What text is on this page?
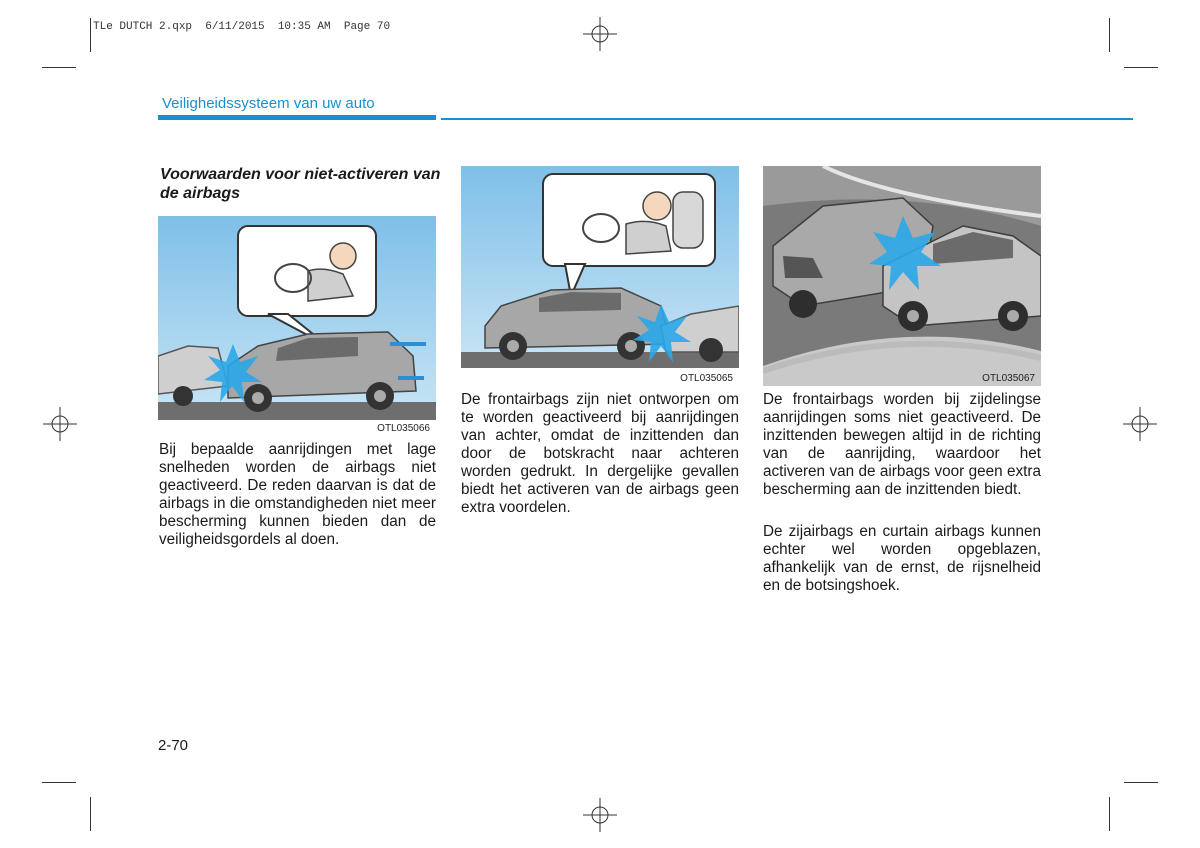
TLe DUTCH 2.qxp  6/11/2015  10:35 AM  Page 70
Veiligheidssysteem van uw auto
Voorwaarden voor niet-activeren van de airbags
OTL035066
OTL035065	OTL035067
Bij bepaalde aanrijdingen met lage snelheden worden de airbags niet geactiveerd. De reden daarvan is dat de airbags in die omstandigheden niet meer bescherming kunnen bieden dan de veiligheidsgordels al doen.
De frontairbags zijn niet ontworpen om te worden geactiveerd bij aanrijdingen van achter, omdat de inzittenden dan door de botskracht naar achteren worden gedrukt. In dergelijke gevallen biedt het activeren van de airbags geen extra voordelen.
De frontairbags worden bij zijdelingse aanrijdingen soms niet geactiveerd. De inzittenden bewegen altijd in de richting van de aanrijding, waardoor het activeren van de airbags voor geen extra bescherming aan de inzittenden biedt.
De zijairbags en curtain airbags kunnen echter wel worden opgeblazen, afhankelijk van de ernst, de rijsnelheid en de botsingshoek.
2-70
